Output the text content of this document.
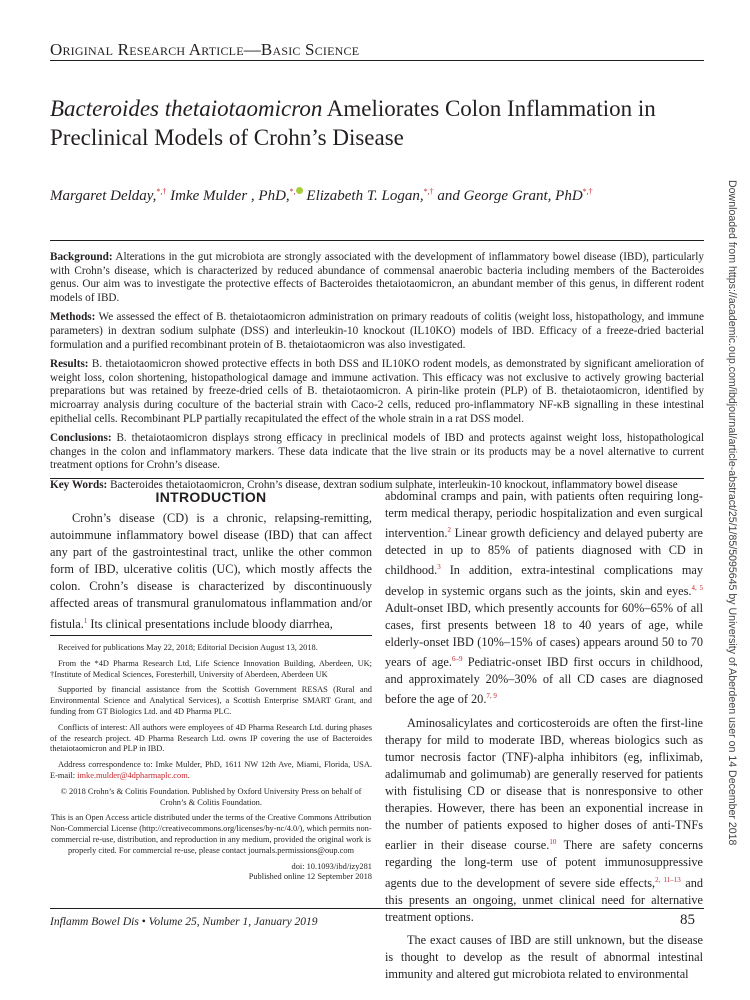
Original Research Article—Basic Science
Bacteroides thetaiotaomicron Ameliorates Colon Inflammation in Preclinical Models of Crohn’s Disease
Margaret Delday,*,† Imke Mulder , PhD,*, Elizabeth T. Logan,*,† and George Grant, PhD*,†

Background: Alterations in the gut microbiota are strongly associated with the development of inflammatory bowel disease (IBD), particularly with Crohn’s disease, which is characterized by reduced abundance of commensal anaerobic bacteria including members of the Bacteroides genus. Our aim was to investigate the protective effects of Bacteroides thetaiotaomicron, an abundant member of this genus, in different rodent models of IBD.

Methods: We assessed the effect of B. thetaiotaomicron administration on primary readouts of colitis (weight loss, histopathology, and immune parameters) in dextran sodium sulphate (DSS) and interleukin-10 knockout (IL10KO) models of IBD. Efficacy of a freeze-dried bacterial formulation and a purified recombinant protein of B. thetaiotaomicron was also investigated.

Results: B. thetaiotaomicron showed protective effects in both DSS and IL10KO rodent models, as demonstrated by significant amelioration of weight loss, colon shortening, histopathological damage and immune activation. This efficacy was not exclusive to actively growing bacterial preparations but was retained by freeze-dried cells of B. thetaiotaomicron. A pirin-like protein (PLP) of B. thetaiotaomicron, identified by microarray analysis during coculture of the bacterial strain with Caco-2 cells, reduced pro-inflammatory NF-κB signalling in these intestinal epithelial cells. Recombinant PLP partially recapitulated the effect of the whole strain in a rat DSS model.

Conclusions: B. thetaiotaomicron displays strong efficacy in preclinical models of IBD and protects against weight loss, histopathological changes in the colon and inflammatory markers. These data indicate that the live strain or its products may be a novel alternative to current treatment options for Crohn’s disease.

Key Words: Bacteroides thetaiotaomicron, Crohn’s disease, dextran sodium sulphate, interleukin-10 knockout, inflammatory bowel disease

INTRODUCTION

Crohn’s disease (CD) is a chronic, relapsing-remitting, autoimmune inflammatory bowel disease (IBD) that can affect any part of the gastrointestinal tract, unlike the other common form of IBD, ulcerative colitis (UC), which mostly affects the colon. Crohn’s disease is characterized by discontinuously affected areas of transmural granulomatous inflammation and/or fistula.$^1$ Its clinical presentations include bloody diarrhea,

Received for publications May 22, 2018; Editorial Decision August 13, 2018.

From the *4D Pharma Research Ltd, Life Science Innovation Building, Aberdeen, UK; †Institute of Medical Sciences, Foresterhill, University of Aberdeen, Aberdeen UK

Supported by financial assistance from the Scottish Government RESAS (Rural and Environmental Science and Analytical Services), a Scottish Enterprise SMART Grant, and funding from GT Biologics Ltd. and 4D Pharma PLC.

Conflicts of interest: All authors were employees of 4D Pharma Research Ltd. during phases of the research project. 4D Pharma Research Ltd. owns IP covering the use of Bacteroides thetaiotaomicron and PLP in IBD.

Address correspondence to: Imke Mulder, PhD, 1611 NW 12th Ave, Miami, Florida, USA. E-mail: imke.mulder@4dpharmaplc.com.

© 2018 Crohn’s & Colitis Foundation. Published by Oxford University Press on behalf of Crohn’s & Colitis Foundation.

This is an Open Access article distributed under the terms of the Creative Commons Attribution Non-Commercial License (http://creativecommons.org/licenses/by-nc/4.0/), which permits non-commercial re-use, distribution, and reproduction in any medium, provided the original work is properly cited. For commercial re-use, please contact journals.permissions@oup.com

doi: 10.1093/ibd/izy281

Published online 12 September 2018

abdominal cramps and pain, with patients often requiring long-term medical therapy, periodic hospitalization and even surgical intervention.$^2$ Linear growth deficiency and delayed puberty are detected in up to 85% of patients diagnosed with CD in childhood.$^3$ In addition, extra-intestinal complications may develop in systemic organs such as the joints, skin and eyes.$^{4, 5}$ Adult-onset IBD, which presently accounts for 60%–65% of all cases, first presents between 18 to 40 years of age, while elderly-onset IBD (10%–15% of cases) appears around 50 to 70 years of age.$^{6-9}$ Pediatric-onset IBD first occurs in childhood, and approximately 20%–30% of all CD cases are diagnosed before the age of 20.$^{7, 9}$

Aminosalicylates and corticosteroids are often the first-line therapy for mild to moderate IBD, whereas biologics such as tumor necrosis factor (TNF)-alpha inhibitors (eg, infliximab, adalimumab and golimumab) are generally reserved for patients with fistulising CD or disease that is nonresponsive to other therapies. However, there has been an exponential increase in the number of patients exposed to higher doses of anti-TNFs earlier in their disease course.$^{10}$ There are safety concerns regarding the long-term use of potent immunosuppressive agents due to the development of severe side effects,$^{2, 11-13}$ and this presents an ongoing, unmet clinical need for alternative treatment options.

The exact causes of IBD are still unknown, but the disease is thought to develop as the result of abnormal intestinal immunity and altered gut microbiota related to environmental

Inflamm Bowel Dis • Volume 25, Number 1, January 2019	85
Downloaded from https://academic.oup.com/ibdjournal/article-abstract/25/1/85/5095645 by University of Aberdeen user on 14 December 2018
